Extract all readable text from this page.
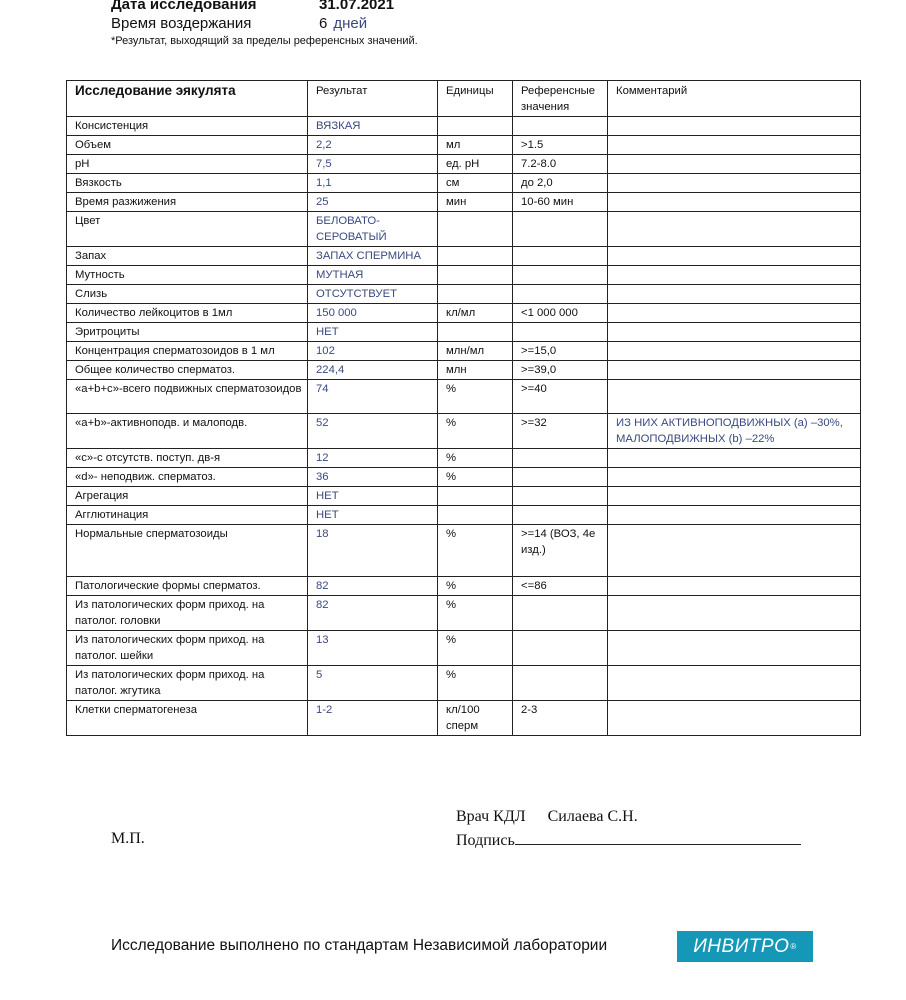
Дата исследования	31.07.2021
Время воздержания	6 дней
*Результат, выходящий за пределы референсных значений.
Исследование эякулята	Результат	Единицы	Референсные значения	Комментарий
Консистенция	ВЯЗКАЯ			
Объем	2,2	мл	>1.5	
pH	7,5	ед. pH	7.2-8.0	
Вязкость	1,1	см	до 2,0	
Время разжижения	25	мин	10-60 мин	
Цвет	БЕЛОВАТО-СЕРОВАТЫЙ			
Запах	ЗАПАХ СПЕРМИНА			
Мутность	МУТНАЯ			
Слизь	ОТСУТСТВУЕТ			
Количество лейкоцитов в 1мл	150 000	кл/мл	<1 000 000	
Эритроциты	НЕТ			
Концентрация сперматозоидов в 1 мл	102	млн/мл	>=15,0	
Общее количество сперматоз.	224,4	млн	>=39,0	
«a+b+c»-всего подвижных сперматозоидов	74	%	>=40	
«a+b»-активноподв. и малоподв.	52	%	>=32	ИЗ НИХ АКТИВНОПОДВИЖНЫХ (а) –30%, МАЛОПОДВИЖНЫХ (b) –22%
«c»-с отсутств. поступ. дв-я	12	%		
«d»- неподвиж. сперматоз.	36	%		
Агрегация	НЕТ			
Агглютинация	НЕТ			
Нормальные сперматозоиды	18	%	>=14 (ВОЗ, 4е изд.)	
Патологические формы сперматоз.	82	%	<=86	
Из патологических форм приход. на патолог. головки	82	%		
Из патологических форм приход. на патолог. шейки	13	%		
Из патологических форм приход. на патолог. жгутика	5	%		
Клетки сперматогенеза	1-2	кл/100 сперм	2-3	
Врач КДЛ Силаева С.Н.
Подпись
М.П.
Исследование выполнено по стандартам Независимой лаборатории	ИНВИТРО ®
